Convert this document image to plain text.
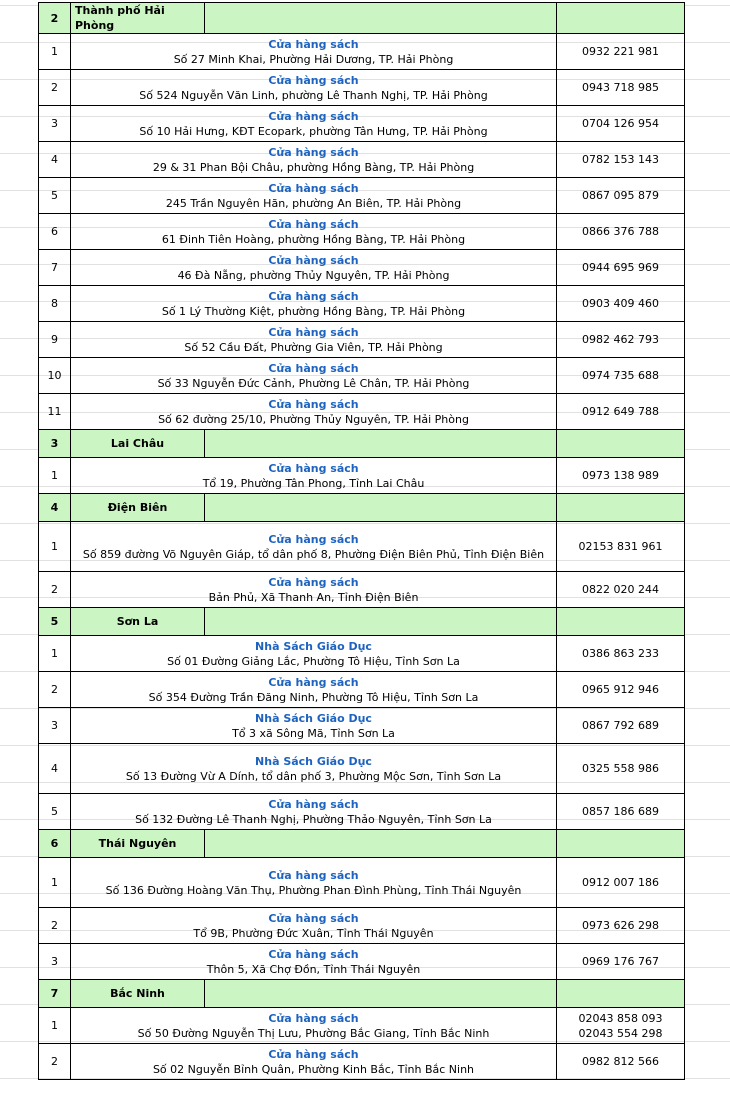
2	Thành phố Hải Phòng		
1	Cửa hàng sách
Số 27 Minh Khai, Phường Hải Dương, TP. Hải Phòng		0932 221 981
2	Cửa hàng sách
Số 524 Nguyễn Văn Linh, phường Lê Thanh Nghị, TP. Hải Phòng		0943 718 985
3	Cửa hàng sách
Số 10 Hải Hưng, KĐT Ecopark, phường Tân Hưng, TP. Hải Phòng		0704 126 954
4	Cửa hàng sách
29 & 31 Phan Bội Châu, phường Hồng Bàng, TP. Hải Phòng		0782 153 143
5	Cửa hàng sách
245 Trần Nguyên Hãn, phường An Biên, TP. Hải Phòng		0867 095 879
6	Cửa hàng sách
61 Đinh Tiên Hoàng, phường Hồng Bàng, TP. Hải Phòng		0866 376 788
7	Cửa hàng sách
46 Đà Nẵng, phường Thủy Nguyên, TP. Hải Phòng		0944 695 969
8	Cửa hàng sách
Số 1 Lý Thường Kiệt, phường Hồng Bàng, TP. Hải Phòng		0903 409 460
9	Cửa hàng sách
Số 52 Cầu Đất, Phường Gia Viên, TP. Hải Phòng		0982 462 793
10	Cửa hàng sách
Số 33 Nguyễn Đức Cảnh, Phường Lê Chân, TP. Hải Phòng		0974 735 688
11	Cửa hàng sách
Số 62 đường 25/10, Phường Thủy Nguyên, TP. Hải Phòng		0912 649 788
3	Lai Châu		
1	Cửa hàng sách
Tổ 19, Phường Tân Phong, Tỉnh Lai Châu		0973 138 989
4	Điện Biên		
1	Cửa hàng sách
Số 859 đường Võ Nguyên Giáp, tổ dân phố 8, Phường Điện Biên Phủ, Tỉnh Điện Biên		02153 831 961
2	Cửa hàng sách
Bản Phủ, Xã Thanh An, Tỉnh Điện Biên		0822 020 244
5	Sơn La		
1	Nhà Sách Giáo Dục
Số 01 Đường Giảng Lắc, Phường Tô Hiệu, Tỉnh Sơn La		0386 863 233
2	Cửa hàng sách
Số 354 Đường Trần Đăng Ninh, Phường Tô Hiệu, Tỉnh Sơn La		0965 912 946
3	Nhà Sách Giáo Dục
Tổ 3 xã Sông Mã, Tỉnh Sơn La		0867 792 689
4	Nhà Sách Giáo Dục
Số 13 Đường Vừ A Dính, tổ dân phố 3, Phường Mộc Sơn, Tỉnh Sơn La		0325 558 986
5	Cửa hàng sách
Số 132 Đường Lê Thanh Nghị, Phường Thảo Nguyên, Tỉnh Sơn La		0857 186 689
6	Thái Nguyên		
1	Cửa hàng sách
Số 136 Đường Hoàng Văn Thụ, Phường Phan Đình Phùng, Tỉnh Thái Nguyên		0912 007 186
2	Cửa hàng sách
Tổ 9B, Phường Đức Xuân, Tỉnh Thái Nguyên		0973 626 298
3	Cửa hàng sách
Thôn 5, Xã Chợ Đồn, Tỉnh Thái Nguyên		0969 176 767
7	Bắc Ninh		
1	Cửa hàng sách
Số 50 Đường Nguyễn Thị Lưu, Phường Bắc Giang, Tỉnh Bắc Ninh		02043 858 093
02043 554 298
2	Cửa hàng sách
Số 02 Nguyễn Bỉnh Quân, Phường Kinh Bắc, Tỉnh Bắc Ninh		0982 812 566
